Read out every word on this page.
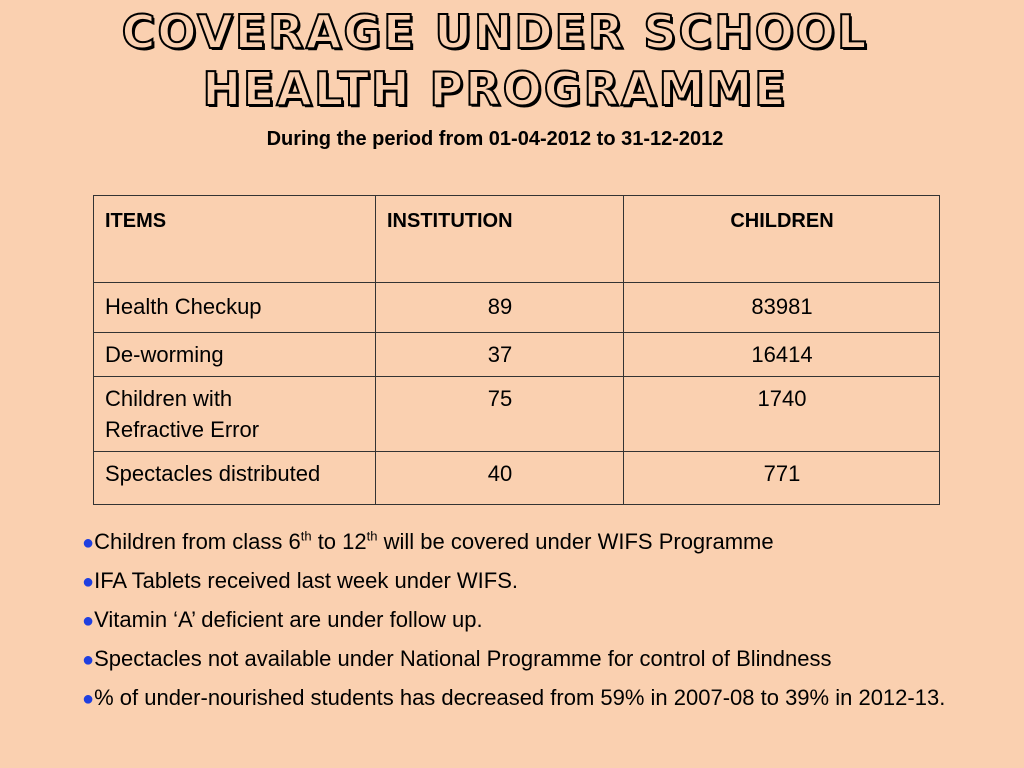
COVERAGE UNDER SCHOOL
HEALTH PROGRAMME
During the period from 01-04-2012 to 31-12-2012
ITEMS	INSTITUTION	CHILDREN
Health Checkup	89	83981
De-worming	37	16414

Children with
Refractive Error	75	1740
Spectacles distributed	40	771
●Children from class 6th to 12th will be covered under WIFS Programme
●IFA Tablets received last week under WIFS.
●Vitamin ‘A’ deficient are under follow up.
●Spectacles not available under National Programme for control of Blindness
●% of under-nourished students has decreased from 59% in 2007-08 to 39% in 2012-13.
